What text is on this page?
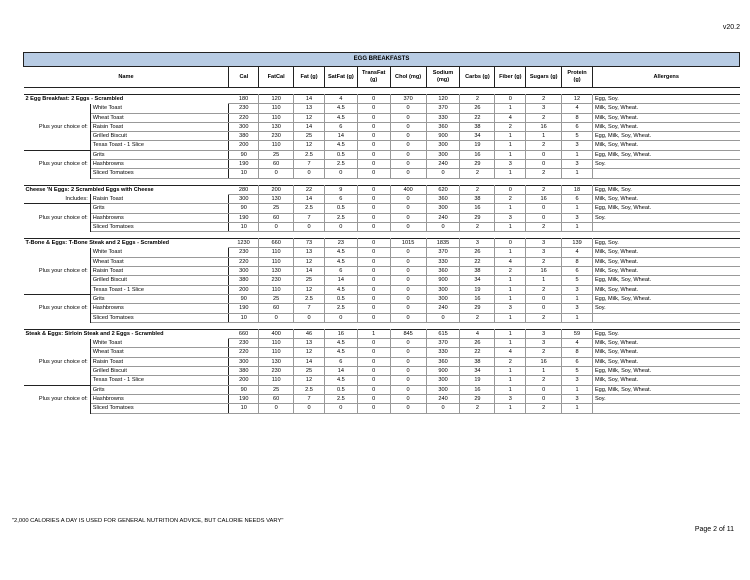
v20.2
EGG BREAKFASTS													
Name		Cal	FatCal	Fat (g)	SatFat (g)	TransFat (g)	Chol (mg)	Sodium (mg)	Carbs (g)	Fiber (g)	Sugars (g)	Protein (g)	Allergens

2 Egg Breakfast: 2 Eggs - Scrambled		180	120	14	4	0	370	120	2	0	2	12	Egg, Soy.
	White Toast	230	110	13	4.5	0	0	370	26	1	3	4	Milk, Soy, Wheat.
	Wheat Toast	220	110	12	4.5	0	0	330	22	4	2	8	Milk, Soy, Wheat.
Plus your choice of:	Raisin Toast	300	130	14	6	0	0	360	38	2	16	6	Milk, Soy, Wheat.
	Grilled Biscuit	380	230	25	14	0	0	900	34	1	1	5	Egg, Milk, Soy, Wheat.
	Texas Toast - 1 Slice	200	110	12	4.5	0	0	300	19	1	2	3	Milk, Soy, Wheat.
	Grits	90	25	2.5	0.5	0	0	300	16	1	0	1	Egg, Milk, Soy, Wheat.
Plus your choice of:	Hashbrowns	190	60	7	2.5	0	0	240	29	3	0	3	Soy.
	Sliced Tomatoes	10	0	0	0	0	0	0	2	1	2	1	

Cheese 'N Eggs: 2 Scrambled Eggs with Cheese		280	200	22	9	0	400	620	2	0	2	18	Egg, Milk, Soy.
Includes:	Raisin Toast	300	130	14	6	0	0	360	38	2	16	6	Milk, Soy, Wheat.
	Grits	90	25	2.5	0.5	0	0	300	16	1	0	1	Egg, Milk, Soy, Wheat.
Plus your choice of:	Hashbrowns	190	60	7	2.5	0	0	240	29	3	0	3	Soy.
	Sliced Tomatoes	10	0	0	0	0	0	0	2	1	2	1	

T-Bone & Eggs: T-Bone Steak and 2 Eggs - Scrambled		1230	660	73	23	0	1015	1835	3	0	3	139	Egg, Soy.
	White Toast	230	110	13	4.5	0	0	370	26	1	3	4	Milk, Soy, Wheat.
	Wheat Toast	220	110	12	4.5	0	0	330	22	4	2	8	Milk, Soy, Wheat.
Plus your choice of:	Raisin Toast	300	130	14	6	0	0	360	38	2	16	6	Milk, Soy, Wheat.
	Grilled Biscuit	380	230	25	14	0	0	900	34	1	1	5	Egg, Milk, Soy, Wheat.
	Texas Toast - 1 Slice	200	110	12	4.5	0	0	300	19	1	2	3	Milk, Soy, Wheat.
	Grits	90	25	2.5	0.5	0	0	300	16	1	0	1	Egg, Milk, Soy, Wheat.
Plus your choice of:	Hashbrowns	190	60	7	2.5	0	0	240	29	3	0	3	Soy.
	Sliced Tomatoes	10	0	0	0	0	0	0	2	1	2	1	

Steak & Eggs: Sirloin Steak and 2 Eggs - Scrambled		660	400	46	16	1	845	615	4	1	3	59	Egg, Soy.
	White Toast	230	110	13	4.5	0	0	370	26	1	3	4	Milk, Soy, Wheat.
	Wheat Toast	220	110	12	4.5	0	0	330	22	4	2	8	Milk, Soy, Wheat.
Plus your choice of:	Raisin Toast	300	130	14	6	0	0	360	38	2	16	6	Milk, Soy, Wheat.
	Grilled Biscuit	380	230	25	14	0	0	900	34	1	1	5	Egg, Milk, Soy, Wheat.
	Texas Toast - 1 Slice	200	110	12	4.5	0	0	300	19	1	2	3	Milk, Soy, Wheat.
	Grits	90	25	2.5	0.5	0	0	300	16	1	0	1	Egg, Milk, Soy, Wheat.
Plus your choice of:	Hashbrowns	190	60	7	2.5	0	0	240	29	3	0	3	Soy.
	Sliced Tomatoes	10	0	0	0	0	0	0	2	1	2	1	
"2,000 CALORIES A DAY IS USED FOR GENERAL NUTRITION ADVICE, BUT CALORIE NEEDS VARY"
Page 2 of 11
